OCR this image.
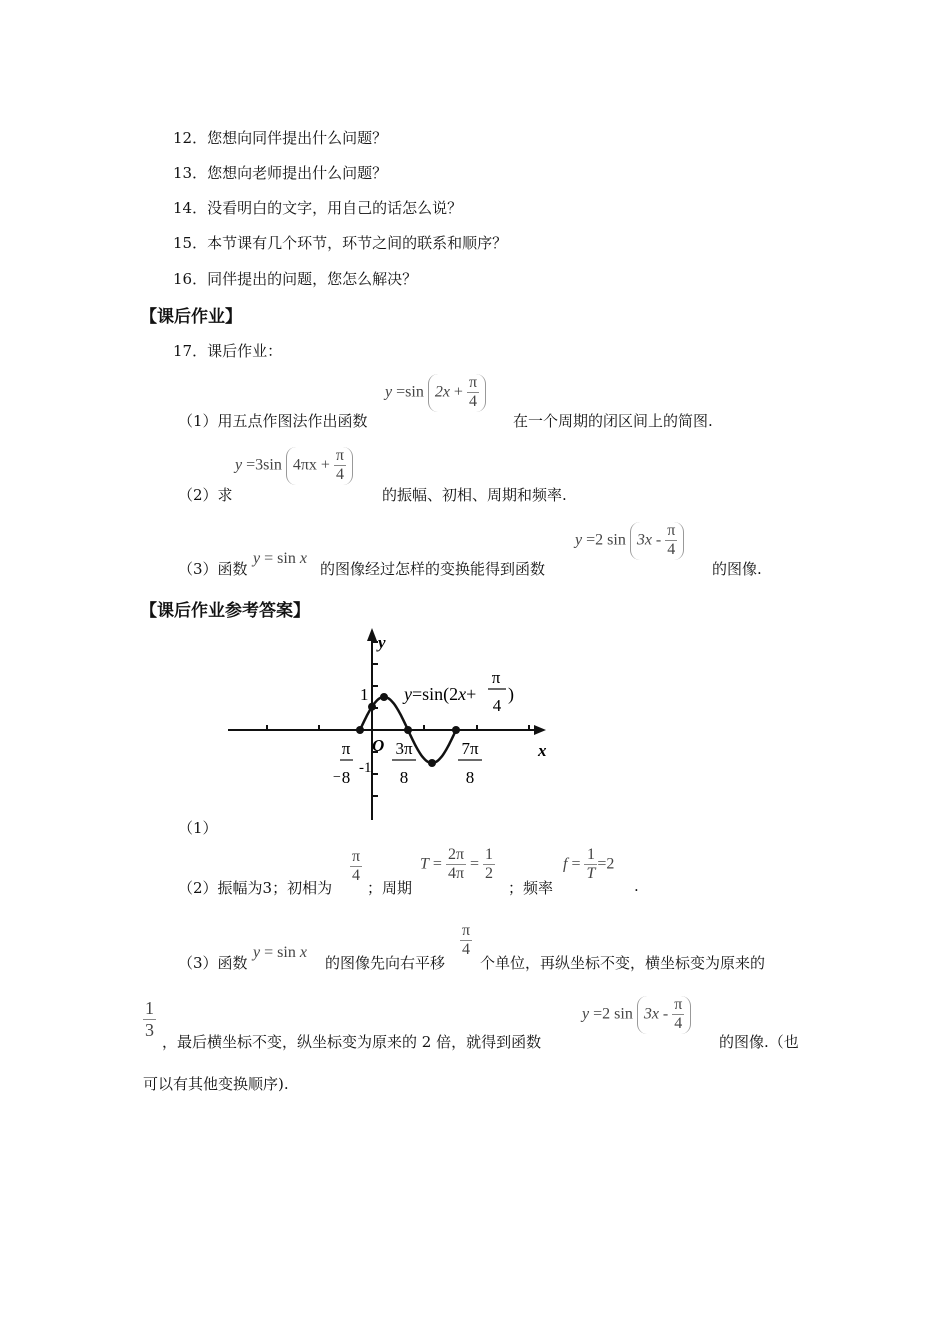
12．您想向同伴提出什么问题？
13．您想向老师提出什么问题？
14．没看明白的文字，用自己的话怎么说？
15．本节课有几个环节，环节之间的联系和顺序？
16．同伴提出的问题，您怎么解决？
【课后作业】
17．课后作业：
（1）用五点作图法作出函数
y =sin $2x + \frac{\pi}{4}$
在一个周期的闭区间上的简图.
（2）求
y =3sin $4\pi x + \frac{\pi}{4}$
的振幅、初相、周期和频率.
（3）函数
y = sin x
的图像经过怎样的变换能得到函数
y =2 $\sin 3x - \frac{\pi}{4}$
的图像.
【课后作业参考答案】
y
x
O
1
-1
y=sin(2x+
π
4
)
−
π
8
3π
8
7π
8
（1）
（2）振幅为3；初相为
$\frac{\pi}{4}$
；周期
$T = \frac{2\pi}{4\pi} = \frac{1}{2}$
；频率
$f = \frac{1}{T} =2$
.
（3）函数
y = sin x
的图像先向右平移
$\frac{\pi}{4}$
个单位，再纵坐标不变，横坐标变为原来的
$\frac{1}{3}$
，最后横坐标不变，纵坐标变为原来的 2 倍，就得到函数
y =2 $\sin 3x - \frac{\pi}{4}$
的图像.（也
可以有其他变换顺序).
